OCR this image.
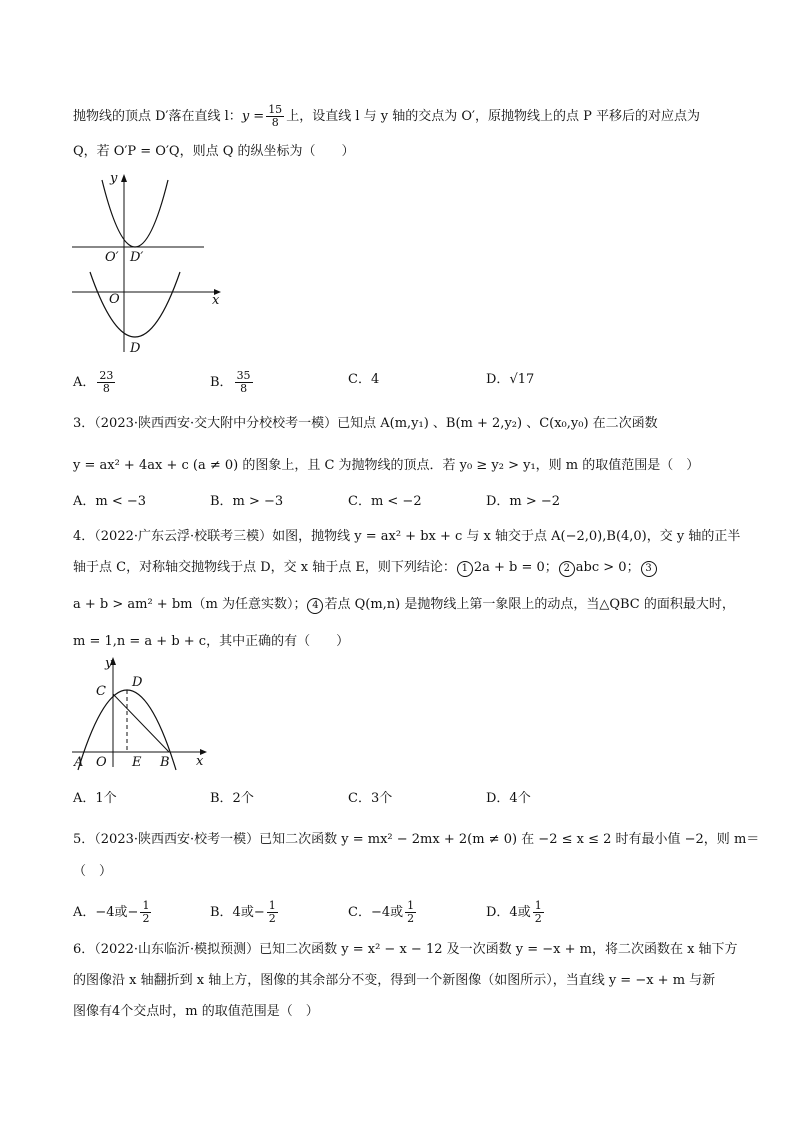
抛物线的顶点 D′落在直线 l：$y = \frac{15}{8}$ 上，设直线 l 与 y 轴的交点为 O′，原抛物线上的点 P 平移后的对应点为
Q，若 O′P = O′Q，则点 Q 的纵坐标为（　　）
y
x
O
O′ D′
D
A． $\frac{23}{8}$	B． $\frac{35}{8}$	C．4	D．√17
3．（2023·陕西西安·交大附中分校校考一模）已知点 A(m,y₁) 、B(m + 2,y₂) 、C(x₀,y₀) 在二次函数
y = ax² + 4ax + c (a ≠ 0) 的图象上，且 C 为抛物线的顶点．若 y₀ ≥ y₂ > y₁，则 m 的取值范围是（　）
A．m < −3	B．m > −3	C．m < −2	D．m > −2
4．（2022·广东云浮·校联考三模）如图，抛物线 y = ax² + bx + c 与 x 轴交于点 A(−2,0),B(4,0)，交 y 轴的正半
轴于点 C，对称轴交抛物线于点 D，交 x 轴于点 E，则下列结论： 1 2a + b = 0； 2 abc > 0； 3
a + b > am² + bm（m 为任意实数）； 4 若点 Q(m,n) 是抛物线上第一象限上的动点，当△QBC 的面积最大时，
m = 1,n = a + b + c，其中正确的有（　　）
y
x
C
D
A O E B
A．1个	B．2个	C．3个	D．4个
5．（2023·陕西西安·校考一模）已知二次函数 y = mx² − 2mx + 2(m ≠ 0) 在 −2 ≤ x ≤ 2 时有最小值 −2，则 m＝
（　）
A．−4或− $\frac{1}{2}$	B．4或− $\frac{1}{2}$	C．−4或 $\frac{1}{2}$	D．4或 $\frac{1}{2}$
6．（2022·山东临沂·模拟预测）已知二次函数 y = x² − x − 12 及一次函数 y = −x + m，将二次函数在 x 轴下方
的图像沿 x 轴翻折到 x 轴上方，图像的其余部分不变，得到一个新图像（如图所示），当直线 y = −x + m 与新
图像有4个交点时，m 的取值范围是（　）
